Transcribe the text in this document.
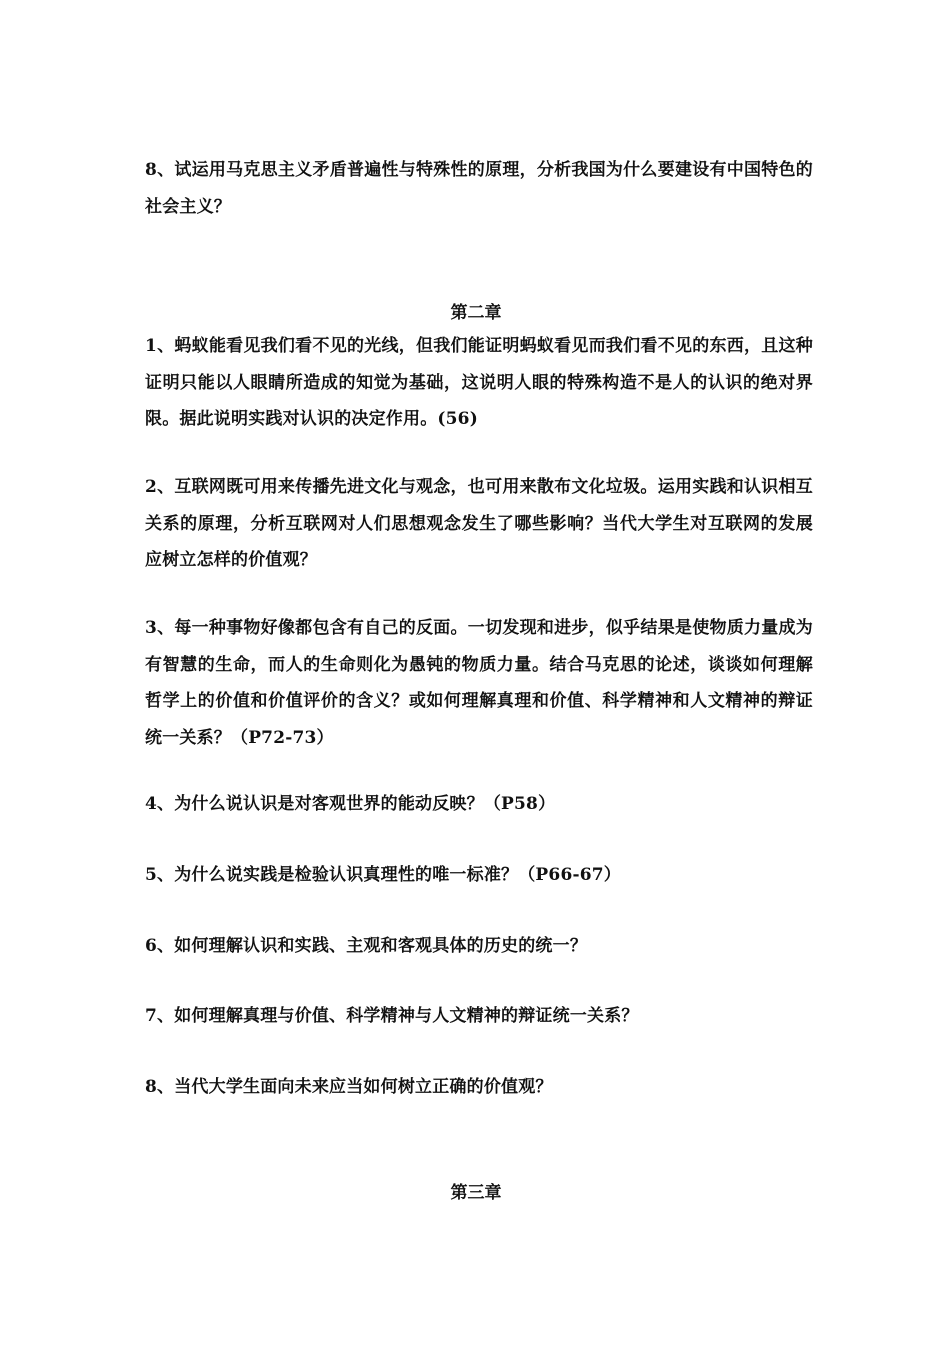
8、试运用马克思主义矛盾普遍性与特殊性的原理，分析我国为什么要建设有中国特色的社会主义？

第二章

1、蚂蚁能看见我们看不见的光线，但我们能证明蚂蚁看见而我们看不见的东西，且这种证明只能以人眼睛所造成的知觉为基础，这说明人眼的特殊构造不是人的认识的绝对界限。据此说明实践对认识的决定作用。(56)

2、互联网既可用来传播先进文化与观念，也可用来散布文化垃圾。运用实践和认识相互关系的原理，分析互联网对人们思想观念发生了哪些影响？当代大学生对互联网的发展应树立怎样的价值观？

3、每一种事物好像都包含有自己的反面。一切发现和进步，似乎结果是使物质力量成为有智慧的生命，而人的生命则化为愚钝的物质力量。结合马克思的论述，谈谈如何理解哲学上的价值和价值评价的含义？或如何理解真理和价值、科学精神和人文精神的辩证统一关系？（P72-73）

4、为什么说认识是对客观世界的能动反映？（P58）

5、为什么说实践是检验认识真理性的唯一标准？（P66-67）

6、如何理解认识和实践、主观和客观具体的历史的统一？

7、如何理解真理与价值、科学精神与人文精神的辩证统一关系？

8、当代大学生面向未来应当如何树立正确的价值观？

第三章
